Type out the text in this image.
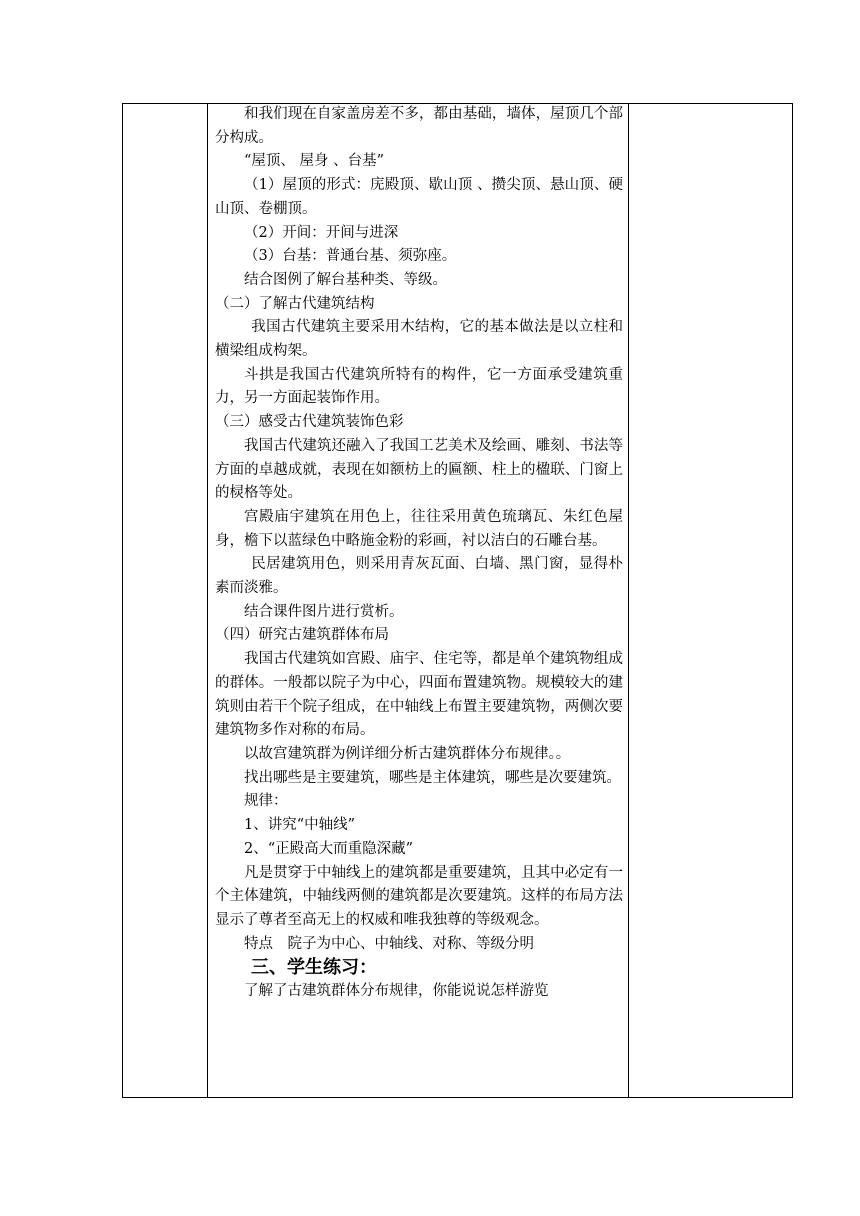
和我们现在自家盖房差不多，都由基础，墙体，屋顶几个部分构成。

“屋顶、 屋身 、台基”

（1）屋顶的形式：庑殿顶、歇山顶 、攒尖顶、悬山顶、硬山顶、卷棚顶。

（2）开间：开间与进深

（3）台基：普通台基、须弥座。

结合图例了解台基种类、等级。

（二）了解古代建筑结构

我国古代建筑主要采用木结构，它的基本做法是以立柱和横梁组成构架。

斗拱是我国古代建筑所特有的构件，它一方面承受建筑重力，另一方面起装饰作用。

（三）感受古代建筑装饰色彩

我国古代建筑还融入了我国工艺美术及绘画、雕刻、书法等方面的卓越成就，表现在如额枋上的匾额、柱上的楹联、门窗上的棂格等处。

宫殿庙宇建筑在用色上，往往采用黄色琉璃瓦、朱红色屋身，檐下以蓝绿色中略施金粉的彩画，衬以洁白的石雕台基。

民居建筑用色，则采用青灰瓦面、白墙、黑门窗，显得朴素而淡雅。

结合课件图片进行赏析。

（四）研究古建筑群体布局

我国古代建筑如宫殿、庙宇、住宅等，都是单个建筑物组成的群体。一般都以院子为中心，四面布置建筑物。规模较大的建筑则由若干个院子组成，在中轴线上布置主要建筑物，两侧次要建筑物多作对称的布局。

以故宫建筑群为例详细分析古建筑群体分布规律。。

找出哪些是主要建筑，哪些是主体建筑，哪些是次要建筑。

规律：

1、讲究“中轴线”

2、“正殿高大而重隐深藏”

凡是贯穿于中轴线上的建筑都是重要建筑，且其中必定有一个主体建筑，中轴线两侧的建筑都是次要建筑。这样的布局方法显示了尊者至高无上的权威和唯我独尊的等级观念。

特点　院子为中心、中轴线、对称、等级分明

三、学生练习：

了解了古建筑群体分布规律，你能说说怎样游览
